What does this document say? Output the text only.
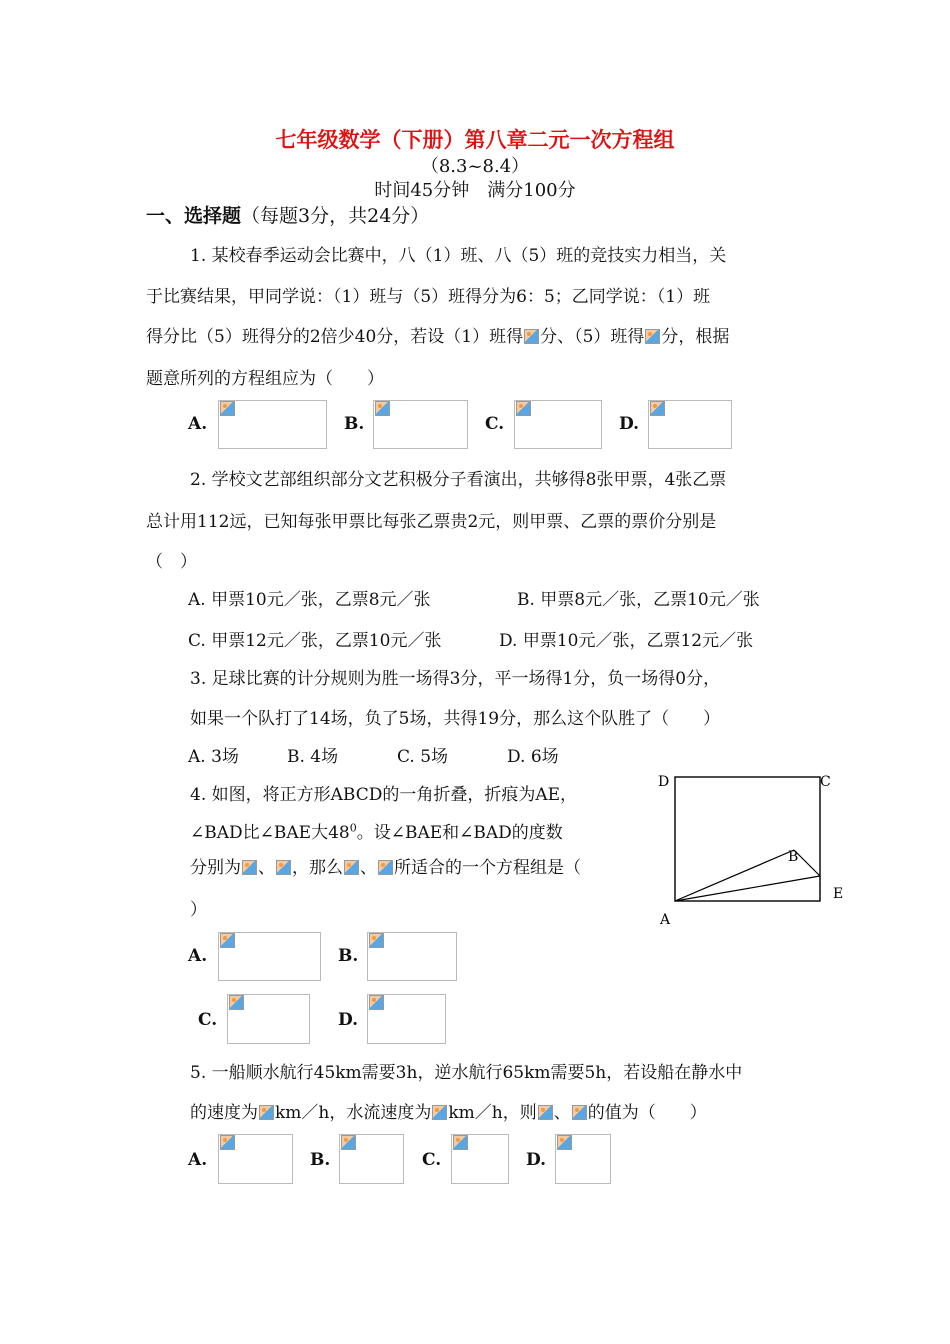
七年级数学（下册）第八章二元一次方程组
（8.3~8.4）
时间45分钟　满分100分
一、选择题（每题3分，共24分）
1. 某校春季运动会比赛中，八（1）班、八（5）班的竞技实力相当，关
于比赛结果，甲同学说：（1）班与（5）班得分为6：5；乙同学说：（1）班
得分比（5）班得分的2倍少40分，若设（1）班得 分、（5）班得 分，根据
题意所列的方程组应为（　　）
A.	B.	C.	D.
2. 学校文艺部组织部分文艺积极分子看演出，共够得8张甲票，4张乙票
总计用112远，已知每张甲票比每张乙票贵2元，则甲票、乙票的票价分别是
（　）
A. 甲票10元／张，乙票8元／张	B. 甲票8元／张，乙票10元／张
C. 甲票12元／张，乙票10元／张	D. 甲票10元／张，乙票12元／张
3. 足球比赛的计分规则为胜一场得3分，平一场得1分，负一场得0分，
如果一个队打了14场，负了5场，共得19分，那么这个队胜了（　　）
A. 3场	B. 4场	C. 5场	D. 6场
4. 如图，将正方形ABCD的一角折叠，折痕为AE，
∠BAD比∠BAE大$48^0$。设∠BAE和∠BAD的度数
分别为 、 ，那么 、 所适合的一个方程组是（
）
D	C
B
E
A
A.	B.
C.	D.
5. 一船顺水航行45km需要3h，逆水航行65km需要5h，若设船在静水中
的速度为 km／h，水流速度为 km／h，则 、 的值为（　　）
A.	B.	C.	D.
